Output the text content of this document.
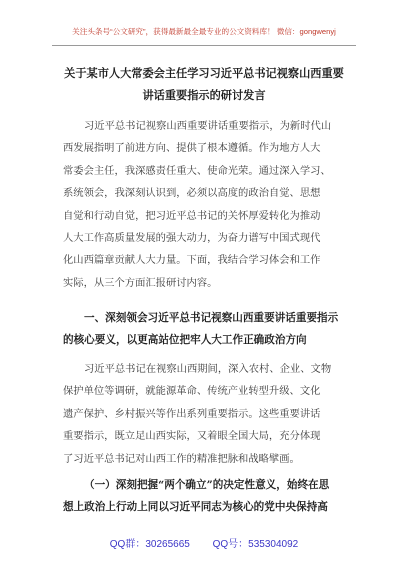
关注头条号“公文研究”，获得最新最全最专业的公文资料库！ 微信：gongwenyj
关于某市人大常委会主任学习习近平总书记视察山西重要
讲话重要指示的研讨发言

习近平总书记视察山西重要讲话重要指示，为新时代山
西发展指明了前进方向、提供了根本遵循。作为地方人大
常委会主任，我深感责任重大、使命光荣。通过深入学习、
系统领会，我深刻认识到，必须以高度的政治自觉、思想
自觉和行动自觉，把习近平总书记的关怀厚爱转化为推动
人大工作高质量发展的强大动力，为奋力谱写中国式现代
化山西篇章贡献人大力量。下面，我结合学习体会和工作
实际，从三个方面汇报研讨内容。

一、深刻领会习近平总书记视察山西重要讲话重要指示
的核心要义，以更高站位把牢人大工作正确政治方向

习近平总书记在视察山西期间，深入农村、企业、文物
保护单位等调研，就能源革命、传统产业转型升级、文化
遗产保护、乡村振兴等作出系列重要指示。这些重要讲话
重要指示，既立足山西实际，又着眼全国大局，充分体现
了习近平总书记对山西工作的精准把脉和战略擘画。

（一）深刻把握“两个确立”的决定性意义，始终在思
想上政治上行动上同以习近平同志为核心的党中央保持高
QQ群：30265665 QQ号：535304092
